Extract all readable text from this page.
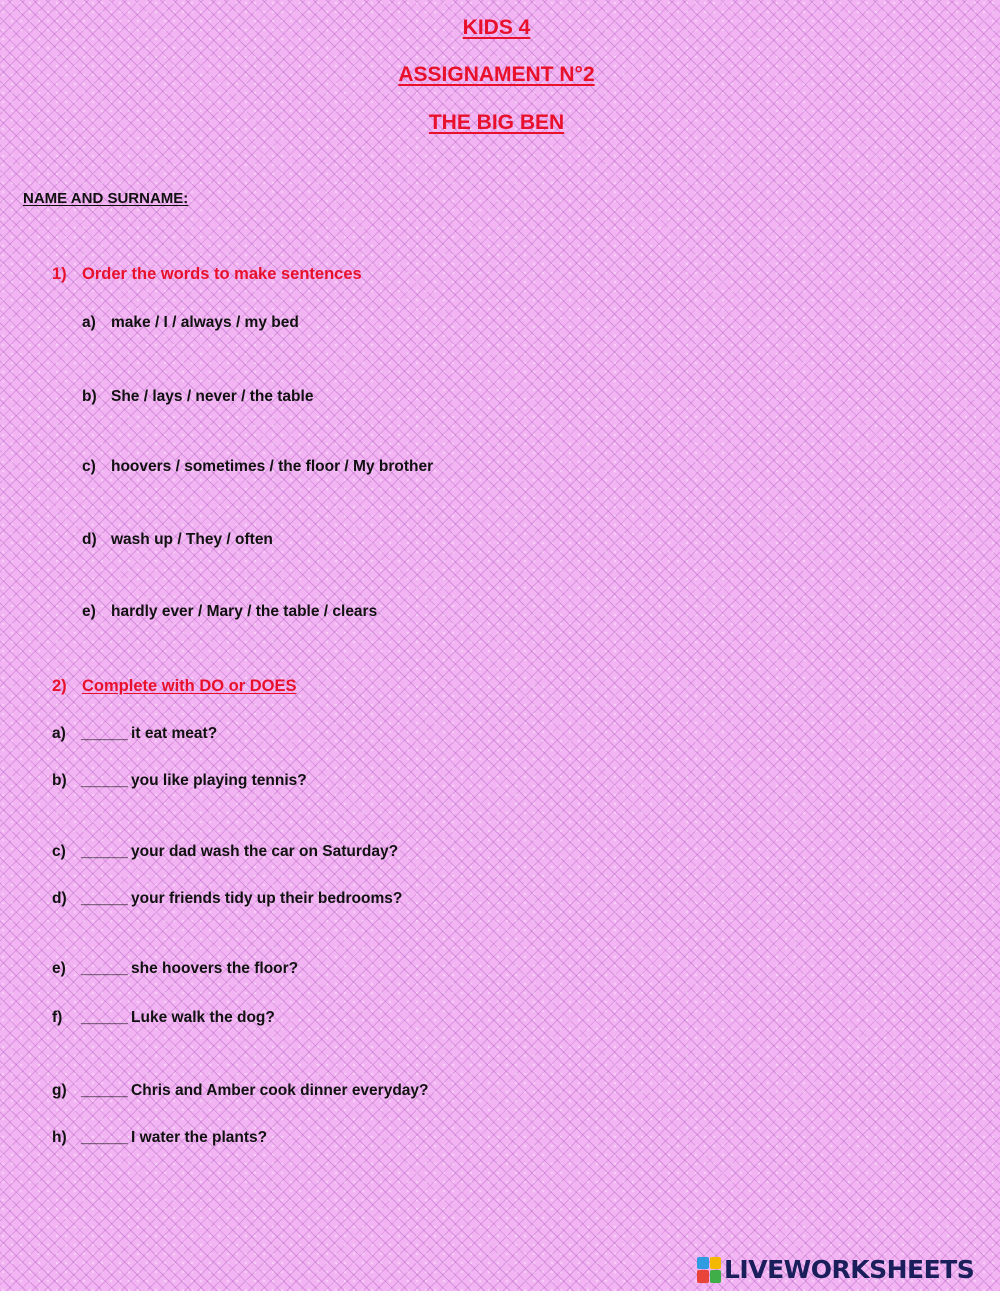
KIDS 4
ASSIGNAMENT N°2
THE BIG BEN
NAME AND SURNAME:
1) Order the words to make sentences
a) make / I / always / my bed
b) She / lays / never / the table
c) hoovers / sometimes / the floor / My brother
d) wash up / They / often
e) hardly ever / Mary / the table / clears
2) Complete with DO or DOES
a) ______ it eat meat?
b) ______ you like playing tennis?
c) ______ your dad wash the car on Saturday?
d) ______ your friends tidy up their bedrooms?
e) ______ she hoovers the floor?
f) ______ Luke walk the dog?
g) ______ Chris and Amber cook dinner everyday?
h) ______ I water the plants?
LIVEWORKSHEETS
